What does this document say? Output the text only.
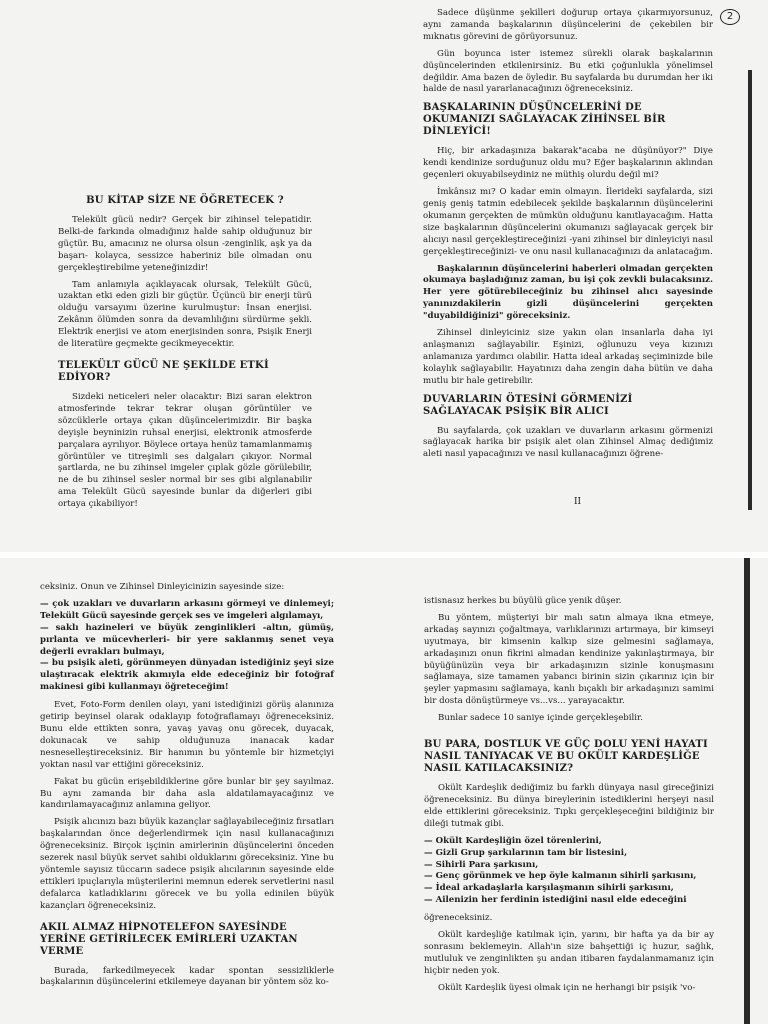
2
BU KİTAP SİZE NE ÖĞRETECEK ?

Telekült gücü nedir? Gerçek bir zihinsel telepatidir. Belki-de farkında olmadığınız halde sahip olduğunuz bir güçtür. Bu, amacınız ne olursa olsun -zenginlik, aşk ya da başarı- kolayca, sessizce haberiniz bile olmadan onu gerçekleştirebilme yeteneğinizdir!

Tam anlamıyla açıklayacak olursak, Telekült Gücü, uzaktan etki eden gizli bir güçtür. Üçüncü bir enerji türü olduğu varsayımı üzerine kurulmuştur: İnsan enerjisi. Zekânın ölümden sonra da devamlılığını sürdürme şekli. Elektrik enerjisi ve atom enerjisinden sonra, Psişik Enerji de literatüre geçmekte gecikmeyecektir.

TELEKÜLT GÜCÜ NE ŞEKİLDE ETKİ EDİYOR?

Sizdeki neticeleri neler olacaktır: Bizi saran elektron atmosferinde tekrar tekrar oluşan görüntüler ve sözcüklerle ortaya çıkan düşüncelerimizdir. Bir başka deyişle beyninizin ruhsal enerjisi, elektronik atmosferde parçalara ayrılıyor. Böylece ortaya henüz tamamlanmamış görüntüler ve titreşimli ses dalgaları çıkıyor. Normal şartlarda, ne bu zihinsel imgeler çıplak gözle görülebilir, ne de bu zihinsel sesler normal bir ses gibi algılanabilir ama Telekült Gücü sayesinde bunlar da diğerleri gibi ortaya çıkabiliyor!

Sadece düşünme şekilleri doğurup ortaya çıkarmıyorsunuz, aynı zamanda başkalarının düşüncelerini de çekebilen bir mıknatıs görevini de görüyorsunuz.

Gün boyunca ister istemez sürekli olarak başkalarının düşüncelerinden etkilenirsiniz. Bu etki çoğunlukla yönelimsel değildir. Ama bazen de öyledir. Bu sayfalarda bu durumdan her iki halde de nasıl yararlanacağınızı öğreneceksiniz.

BAŞKALARININ DÜŞÜNCELERİNİ DE OKUMANIZI SAĞLAYACAK ZİHİNSEL BİR DİNLEYİCİ!

Hiç, bir arkadaşınıza bakarak"acaba ne düşünüyor?" Diye kendi kendinize sorduğunuz oldu mu? Eğer başkalarının aklından geçenleri okuyabilseydiniz ne müthiş olurdu değil mi?

İmkânsız mı? O kadar emin olmayın. İlerideki sayfalarda, sizi geniş geniş tatmin edebilecek şekilde başkalarının düşüncelerini okumanın gerçekten de mümkün olduğunu kanıtlayacağım. Hatta size başkalarının düşüncelerini okumanızı sağlayacak gerçek bir alıcıyı nasıl gerçekleştireceğinizi -yani zihinsel bir dinleyiciyi nasıl gerçekleştireceğinizi- ve onu nasıl kullanacağınızı da anlatacağım.

Başkalarının düşüncelerini haberleri olmadan gerçekten okumaya başladığınız zaman, bu işi çok zevkli bulacaksınız. Her yere götürebileceğiniz bu zihinsel alıcı sayesinde yanınızdakilerin gizli düşüncelerini gerçekten "duyabildiğinizi" göreceksiniz.

Zihinsel dinleyiciniz size yakın olan insanlarla daha iyi anlaşmanızı sağlayabilir. Eşinizi, oğlunuzu veya kızınızı anlamanıza yardımcı olabilir. Hatta ideal arkadaş seçiminizde bile kolaylık sağlayabilir. Hayatınızı daha zengin daha bütün ve daha mutlu bir hale getirebilir.

DUVARLARIN ÖTESİNİ GÖRMENİZİ SAĞLAYACAK PSİŞİK BİR ALICI

Bu sayfalarda, çok uzakları ve duvarların arkasını görmenizi sağlayacak harika bir psişik alet olan Zihinsel Almaç dediğimiz aleti nasıl yapacağınızı ve nasıl kullanacağınızı öğrene-

II

ceksiniz. Onun ve Zihinsel Dinleyicinizin sayesinde size:

— çok uzakları ve duvarların arkasını görmeyi ve dinlemeyi; Telekült Gücü sayesinde gerçek ses ve imgeleri algılamayı,
— saklı hazineleri ve büyük zenginlikleri -altın, gümüş, pırlanta ve mücevherleri- bir yere saklanmış senet veya değerli evrakları bulmayı,
— bu psişik aleti, görünmeyen dünyadan istediğiniz şeyi size ulaştıracak elektrik akımıyla elde edeceğiniz bir fotoğraf makinesi gibi kullanmayı öğreteceğim!

Evet, Foto-Form denilen olayı, yani istediğinizi görüş alanınıza getirip beyinsel olarak odaklayıp fotoğraflamayı öğreneceksiniz. Bunu elde ettikten sonra, yavaş yavaş onu görecek, duyacak, dokunacak ve sahip olduğunuza inanacak kadar nesneselleştireceksiniz. Bir hanımın bu yöntemle bir hizmetçiyi yoktan nasıl var ettiğini göreceksiniz.

Fakat bu gücün erişebildiklerine göre bunlar bir şey sayılmaz. Bu aynı zamanda bir daha asla aldatılamayacağınız ve kandırılamayacağınız anlamına geliyor.

Psişik alıcınızı bazı büyük kazançlar sağlayabileceğiniz fırsatları başkalarından önce değerlendirmek için nasıl kullanacağınızı öğreneceksiniz. Birçok işçinin amirlerinin düşüncelerini önceden sezerek nasıl büyük servet sahibi olduklarını göreceksiniz. Yine bu yöntemle sayısız tüccarın sadece psişik alıcılarının sayesinde elde ettikleri ipuçlarıyla müşterilerini memnun ederek servetlerini nasıl defalarca katladıklarını görecek ve bu yolla edinilen büyük kazançları öğreneceksiniz.

AKIL ALMAZ HİPNOTELEFON SAYESİNDE YERİNE GETİRİLECEK EMİRLERİ UZAKTAN VERME

Burada, farkedilmeyecek kadar spontan sessizliklerle başkalarının düşüncelerini etkilemeye dayanan bir yöntem söz ko-

istisnasız herkes bu büyülü güce yenik düşer.

Bu yöntem, müşteriyi bir malı satın almaya ikna etmeye, arkadaş sayınızı çoğaltmaya, varlıklarınızı artırmaya, bir kimseyi uyutmaya, bir kimsenin kalkıp size gelmesini sağlamaya, arkadaşınızı onun fikrini almadan kendinize yakınlaştırmaya, bir büyüğünüzün veya bir arkadaşınızın sizinle konuşmasını sağlamaya, size tamamen yabancı birinin sizin çıkarınız için bir şeyler yapmasını sağlamaya, kanlı bıçaklı bir arkadaşınızı samimi bir dosta dönüştürmeye vs...vs... yarayacaktır.

Bunlar sadece 10 saniye içinde gerçekleşebilir.

BU PARA, DOSTLUK VE GÜÇ DOLU YENİ HAYATI NASIL TANIYACAK VE BU OKÜLT KARDEŞLİĞE NASIL KATILACAKSINIZ?

Okült Kardeşlik dediğimiz bu farklı dünyaya nasıl gireceğinizi öğreneceksiniz. Bu dünya bireylerinin istediklerini herşeyi nasıl elde ettiklerini göreceksiniz. Tıpkı gerçekleşeceğini bildiğiniz bir dileği tutmak gibi.

— Okült Kardeşliğin özel törenlerini,
— Gizli Grup şarkılarının tam bir listesini,
— Sihirli Para şarkısını,
— Genç görünmek ve hep öyle kalmanın sihirli şarkısını,
— İdeal arkadaşlarla karşılaşmanın sihirli şarkısını,
— Ailenizin her ferdinin istediğini nasıl elde edeceğini

öğreneceksiniz.

Okült kardeşliğe katılmak için, yarını, bir hafta ya da bir ay sonrasını beklemeyin. Allah'ın size bahşettiği iç huzur, sağlık, mutluluk ve zenginlikten şu andan itibaren faydalanmamanız için hiçbir neden yok.

Okült Kardeşlik üyesi olmak için ne herhangi bir psişik 'vo-
